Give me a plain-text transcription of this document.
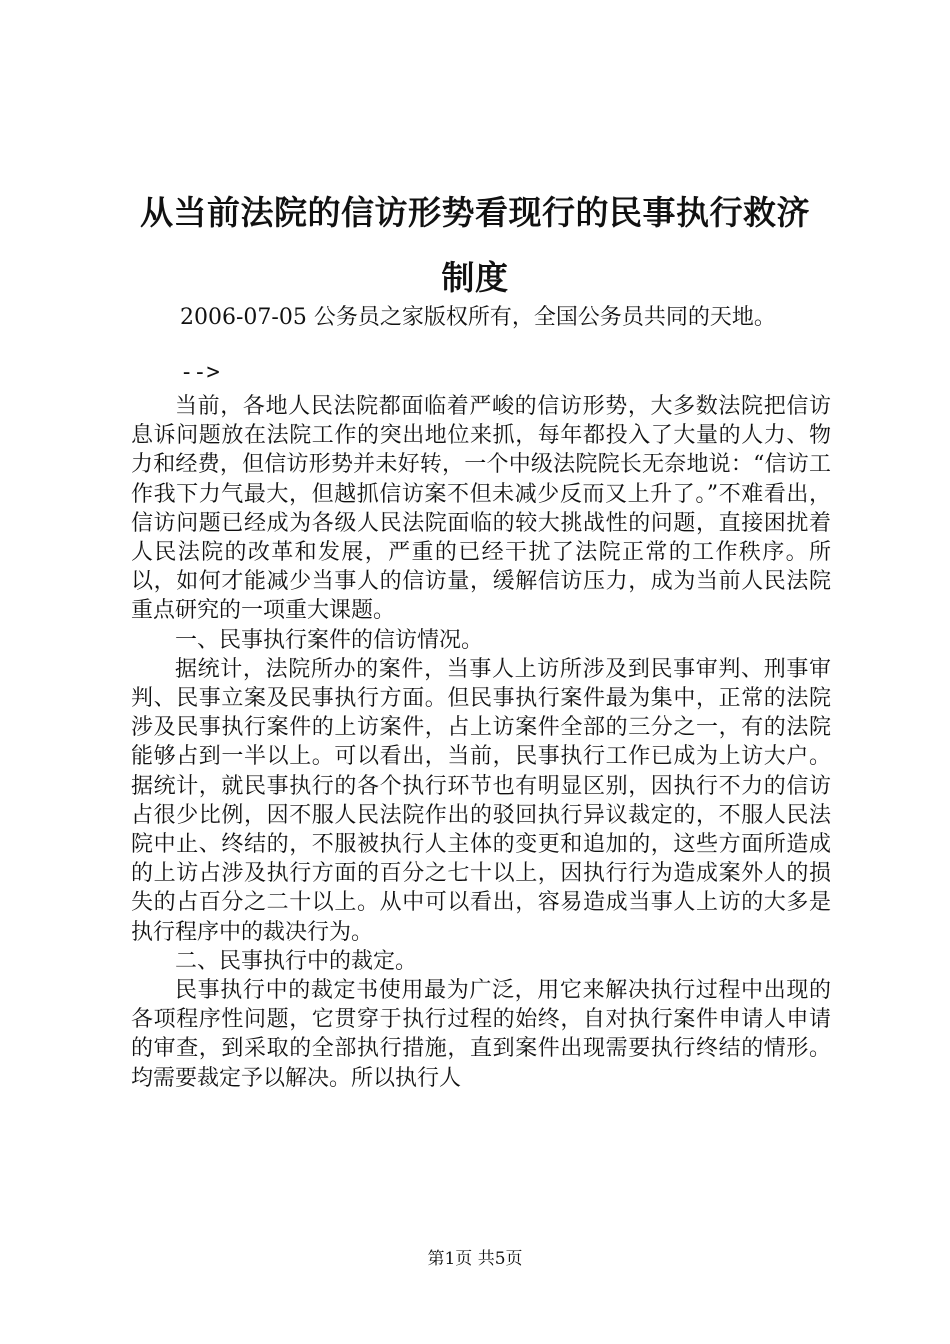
从当前法院的信访形势看现行的民事执行救济
制度
2006-07-05 公务员之家版权所有，全国公务员共同的天地。
-->

当前，各地人民法院都面临着严峻的信访形势，大多数法院把信访息诉问题放在法院工作的突出地位来抓，每年都投入了大量的人力、物力和经费，但信访形势并未好转，一个中级法院院长无奈地说：“信访工作我下力气最大，但越抓信访案不但未减少反而又上升了。”不难看出，信访问题已经成为各级人民法院面临的较大挑战性的问题，直接困扰着人民法院的改革和发展，严重的已经干扰了法院正常的工作秩序。所以，如何才能减少当事人的信访量，缓解信访压力，成为当前人民法院重点研究的一项重大课题。

一、民事执行案件的信访情况。

据统计，法院所办的案件，当事人上访所涉及到民事审判、刑事审判、民事立案及民事执行方面。但民事执行案件最为集中，正常的法院涉及民事执行案件的上访案件，占上访案件全部的三分之一，有的法院能够占到一半以上。可以看出，当前，民事执行工作已成为上访大户。据统计，就民事执行的各个执行环节也有明显区别，因执行不力的信访占很少比例，因不服人民法院作出的驳回执行异议裁定的，不服人民法院中止、终结的，不服被执行人主体的变更和追加的，这些方面所造成的上访占涉及执行方面的百分之七十以上，因执行行为造成案外人的损失的占百分之二十以上。从中可以看出，容易造成当事人上访的大多是执行程序中的裁决行为。

二、民事执行中的裁定。

民事执行中的裁定书使用最为广泛，用它来解决执行过程中出现的各项程序性问题，它贯穿于执行过程的始终，自对执行案件申请人申请的审查，到采取的全部执行措施，直到案件出现需要执行终结的情形。均需要裁定予以解决。所以执行人

第1页 共5页
